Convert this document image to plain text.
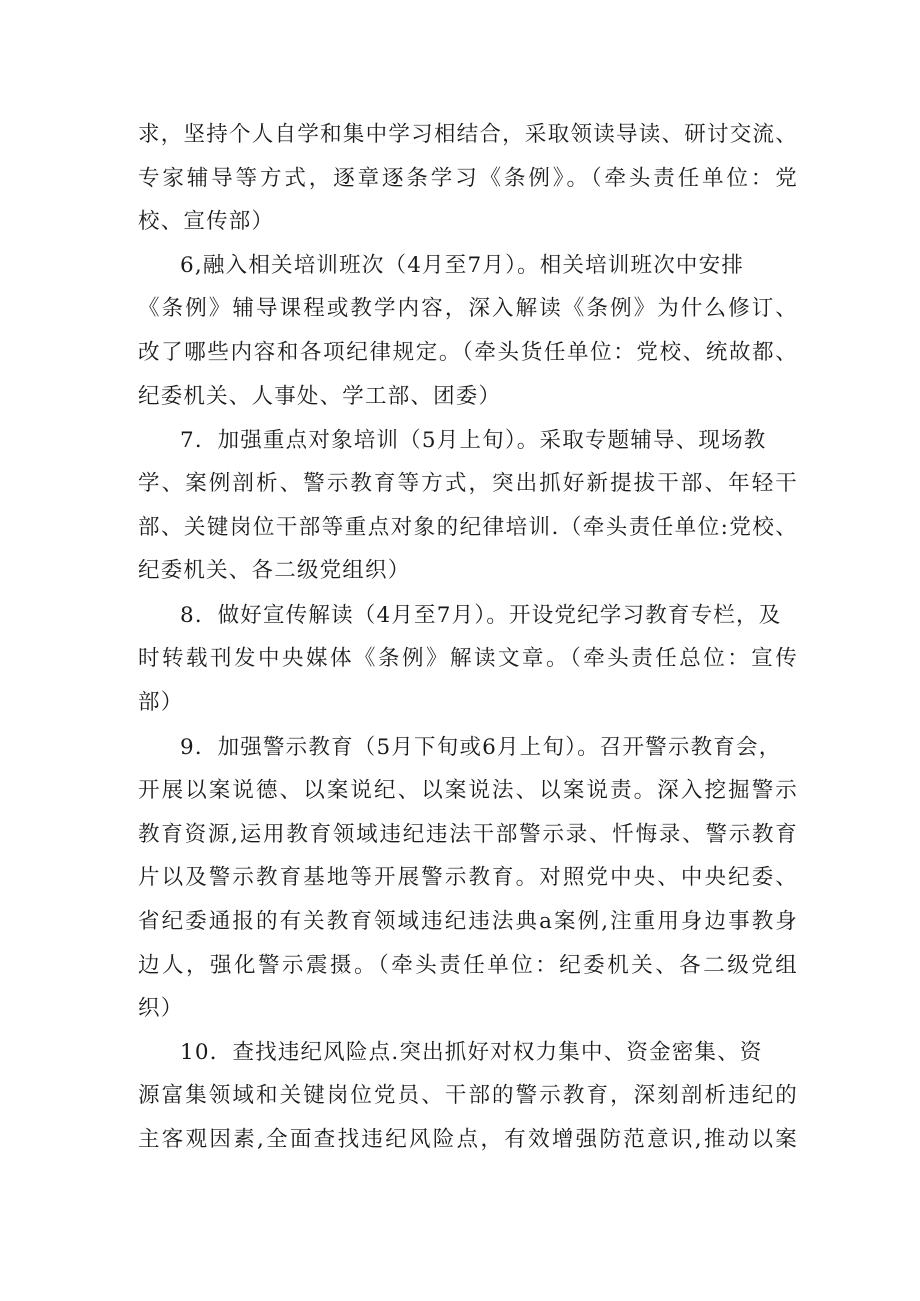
求，坚持个人自学和集中学习相结合，采取领读导读、研讨交流、
专家辅导等方式，逐章逐条学习《条例》。（牵头责任单位：党
校、宣传部）
6,融入相关培训班次（4月至7月）。相关培训班次中安排
《条例》辅导课程或教学内容，深入解读《条例》为什么修订、
改了哪些内容和各项纪律规定。（牵头货任单位：党校、统故都、
纪委机关、人事处、学工部、团委）
7．加强重点对象培训（5月上旬）。采取专题辅导、现场教
学、案例剖析、警示教育等方式，突出抓好新提拔干部、年轻干
部、关键岗位干部等重点对象的纪律培训.（牵头责任单位:党校、
纪委机关、各二级党组织）
8．做好宣传解读（4月至7月）。开设党纪学习教育专栏，及
时转载刊发中央媒体《条例》解读文章。（牵头责任总位：宣传
部）
9．加强警示教育（5月下旬或6月上旬）。召开警示教育会，
开展以案说德、以案说纪、以案说法、以案说责。深入挖掘警示
教育资源,运用教育领域违纪违法干部警示录、忏悔录、警示教育
片以及警示教育基地等开展警示教育。对照党中央、中央纪委、
省纪委通报的有关教育领域违纪违法典a案例,注重用身边事教身
边人，强化警示震摄。（牵头责任单位：纪委机关、各二级党组
织）
10．查找违纪风险点.突出抓好对权力集中、资金密集、资
源富集领域和关键岗位党员、干部的警示教育，深刻剖析违纪的
主客观因素,全面查找违纪风险点，有效增强防范意识,推动以案
